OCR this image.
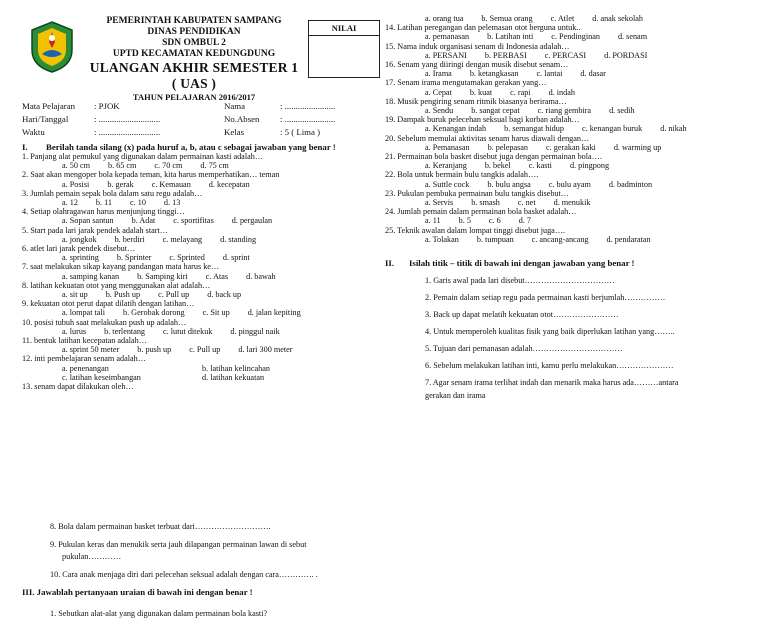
PEMERINTAH KABUPATEN SAMPANG
DINAS PENDIDIKAN
SDN OMBUL 2
UPTD KECAMATAN KEDUNGDUNG
ULANGAN AKHIR SEMESTER 1 ( UAS )
TAHUN PELAJARAN 2016/2017
NILAI
Mata Pelajaran	: PJOK	Nama	: .......................
Hari/Tanggal	: ............................	No.Absen	: .......................
Waktu	: ............................	Kelas	: 5 ( Lima )
I.	Berilah tanda silang (x) pada huruf a, b, atau c sebagai jawaban yang benar !
1. Panjang alat pemukul yang digunakan dalam permainan kasti adalah…
a. 50 cm b. 65 cm c. 70 cm d. 75 cm
2. Saat akan mengoper bola kepada teman, kita harus memperhatikan… teman
a. Posisi b. gerak c. Kemauan d. kecepatan
3. Jumlah pemain sepak bola dalam satu regu adalah…
a. 12 b. 11 c. 10 d. 13
4. Setiap olahragawan harus menjunjung tinggi…
a. Sopan santun b. Adat c. sportifitas d. pergaulan
5. Start pada lari jarak pendek adalah start…
a. jongkok b. berdiri c. melayang d. standing
6. atlet lari jarak pendek disebut…
a. sprinting b. Sprinter c. Sprinted d. sprint
7. saat melakukan sikap kayang pandangan mata harus ke…
a. samping kanan b. Samping kiri c. Atas d. bawah
8. latihan kekuatan otot yang menggunakan alat adalah…
a. sit up b. Push up c. Pull up d. back up
9. kekuatan otot perut dapat dilatih dengan latihan…
a. lompat tali b. Gerobak dorong c. Sit up d. jalan kepiting
10. posisi tubuh saat melakukan push up adalah…
a. lurus b. terlentang c. lutut ditekuk d. pinggul naik
11. bentuk latihan kecepatan adalah…
a. sprint 50 meter b. push up c. Pull up d. lari 300 meter
12. inti pembelajaran senam adalah…
a. penenangan	b. latihan kelincahan
c. latihan keseimbangan	d. latihan kekuatan
13. senam dapat dilakukan oleh…
a. orang tua b. Semua orang c. Atlet d. anak sekolah
14. Latihan peregangan dan pelemasan otot berguna untuk..
a. pemanasan b. Latihan inti c. Pendinginan d. senam
15. Nama induk organisasi senam di Indonesia adalah…
a. PERSANI b. PERBASI c. PERCASI d. PORDASI
16. Senam yang diiringi dengan musik disebut senam…
a. Irama b. ketangkasan c. lantai d. dasar
17. Senam irama mengutamakan gerakan yang…
a. Cepat b. kuat c. rapi d. indah
18. Musik pengiring senam ritmik biasanya berirama…
a. Sendu b. sangat cepat c. riang gembira d. sedih
19. Dampak buruk pelecehan seksual bagi korban adalah…
a. Kenangan indah b. semangat hidup c. kenangan buruk d. nikah
20. Sebelum memulai aktivitas senam harus diawali dengan…
a. Pemanasan b. pelepasan c. gerakan kaki d. warming up
21. Permainan bola basket disebut juga dengan permainan bola….
a. Keranjang b. bekel c. kasti d. pingpong
22. Bola untuk bermain bulu tangkis adalah….
a. Suttle cock b. bulu angsa c. bulu ayam d. badminton
23. Pukulan pembuka permainan bulu tangkis disebut…
a. Servis b. smash c. net d. menukik
24. Jumlah pemain dalam permainan bola basket adalah…
a. 11 b. 5 c. 6 d. 7
25. Teknik awalan dalam lompat tinggi disebut juga….
a. Tolakan b. tumpuan c. ancang-ancang d. pendaratan
II.	Isilah titik – titik di bawah ini dengan jawaban yang benar !
1. Garis awal pada lari disebut……………………………
2. Pemain dalam setiap regu pada permainan kasti berjumlah……………
3. Back up dapat melatih kekuatan otot……………………
4. Untuk memperoleh kualitas fisik yang baik diperlukan latihan yang……..
5. Tujuan dari pemanasan adalah……………………………
6. Sebelum melakukan latihan inti, kamu perlu melakukan…………………
7. Agar senam irama terlihat indah dan menarik maka harus ada………antara
gerakan dan irama
8. Bola dalam permainan basket terbuat dari……………………….
9. Pukulan keras dan menukik serta jauh dilapangan permainan lawan di sebut
pukulan…………
10. Cara anak menjaga diri dari pelecehan seksual adalah dengan cara…………. .
III. Jawablah pertanyaan uraian di bawah ini dengan benar !
1. Sebutkan alat-alat yang digunakan dalam permainan bola kasti?
